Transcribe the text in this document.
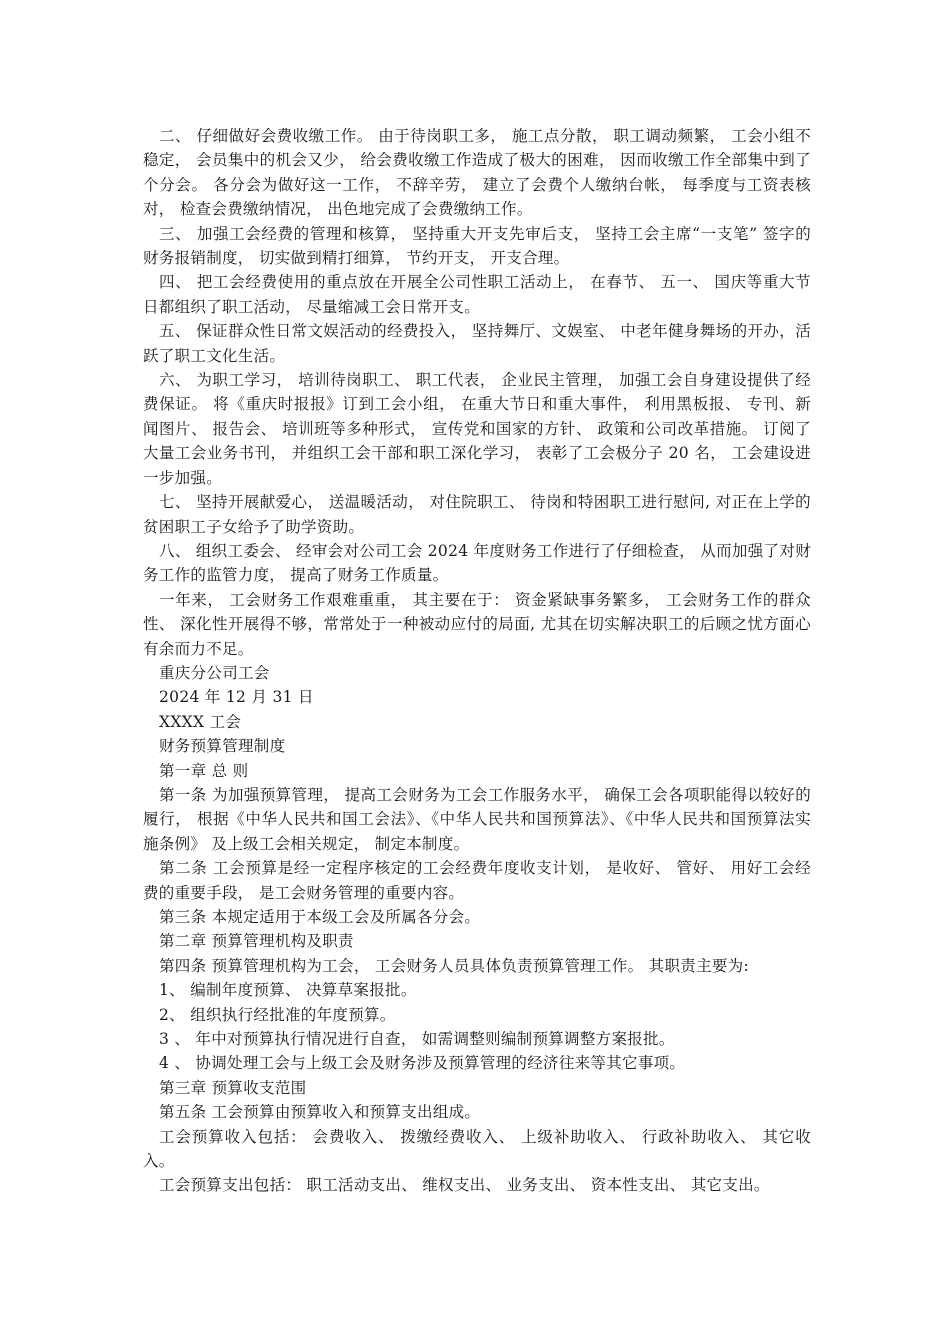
二、 仔细做好会费收缴工作。 由于待岗职工多， 施工点分散， 职工调动频繁， 工会小组不稳定， 会员集中的机会又少， 给会费收缴工作造成了极大的困难， 因而收缴工作全部集中到了个分会。 各分会为做好这一工作， 不辞辛劳， 建立了会费个人缴纳台帐， 每季度与工资表核对， 检查会费缴纳情况， 出色地完成了会费缴纳工作。

三、 加强工会经费的管理和核算， 坚持重大开支先审后支， 坚持工会主席“一支笔” 签字的财务报销制度， 切实做到精打细算， 节约开支， 开支合理。

四、 把工会经费使用的重点放在开展全公司性职工活动上， 在春节、 五一、 国庆等重大节日都组织了职工活动， 尽量缩减工会日常开支。

五、 保证群众性日常文娱活动的经费投入， 坚持舞厅、文娱室、 中老年健身舞场的开办，活跃了职工文化生活。

六、 为职工学习， 培训待岗职工、 职工代表， 企业民主管理， 加强工会自身建设提供了经费保证。 将《重庆时报报》订到工会小组， 在重大节日和重大事件， 利用黑板报、 专刊、新闻图片、 报告会、 培训班等多种形式， 宣传党和国家的方针、 政策和公司改革措施。 订阅了大量工会业务书刊， 并组织工会干部和职工深化学习， 表彰了工会极分子 20 名， 工会建设进一步加强。

七、 坚持开展献爱心， 送温暖活动， 对住院职工、 待岗和特困职工进行慰问, 对正在上学的贫困职工子女给予了助学资助。

八、 组织工委会、 经审会对公司工会 2024 年度财务工作进行了仔细检查， 从而加强了对财务工作的监管力度， 提高了财务工作质量。

一年来， 工会财务工作艰难重重， 其主要在于： 资金紧缺事务繁多， 工会财务工作的群众性、 深化性开展得不够，常常处于一种被动应付的局面, 尤其在切实解决职工的后顾之忧方面心有余而力不足。

重庆分公司工会

2024 年 12 月 31 日

XXXX 工会

财务预算管理制度

第一章 总 则

第一条 为加强预算管理， 提高工会财务为工会工作服务水平， 确保工会各项职能得以较好的履行， 根据《中华人民共和国工会法》、《中华人民共和国预算法》、《中华人民共和国预算法实施条例》 及上级工会相关规定， 制定本制度。

第二条 工会预算是经一定程序核定的工会经费年度收支计划， 是收好、 管好、 用好工会经费的重要手段， 是工会财务管理的重要内容。

第三条 本规定适用于本级工会及所属各分会。

第二章 预算管理机构及职责

第四条 预算管理机构为工会， 工会财务人员具体负责预算管理工作。 其职责主要为:

1、 编制年度预算、 决算草案报批。

2、 组织执行经批准的年度预算。

3 、 年中对预算执行情况进行自查， 如需调整则编制预算调整方案报批。

4 、 协调处理工会与上级工会及财务涉及预算管理的经济往来等其它事项。

第三章 预算收支范围

第五条 工会预算由预算收入和预算支出组成。

工会预算收入包括： 会费收入、 拨缴经费收入、 上级补助收入、 行政补助收入、 其它收入。

工会预算支出包括： 职工活动支出、 维权支出、 业务支出、 资本性支出、 其它支出。
